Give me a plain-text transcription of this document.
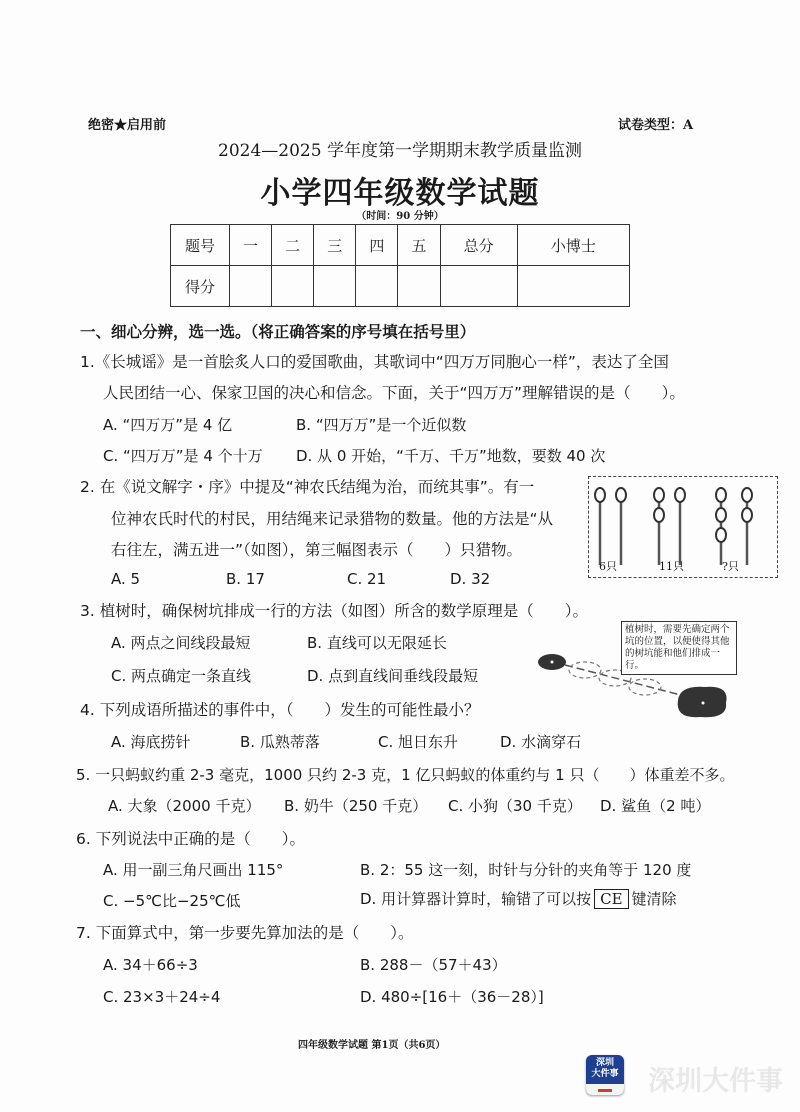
绝密★启用前	试卷类型：A
2024—2025 学年度第一学期期末教学质量监测
小学四年级数学试题
（时间：90 分钟）
题号	一	二	三	四	五	总分	小博士
得分							
一、细心分辨，选一选。（将正确答案的序号填在括号里）
1.《长城谣》是一首脍炙人口的爱国歌曲，其歌词中“四万万同胞心一样”，表达了全国
人民团结一心、保家卫国的决心和信念。下面，关于“四万万”理解错误的是（　　）。
A. “四万万”是 4 亿	B. “四万万”是一个近似数
C. “四万万”是 4 个十万 D. 从 0 开始，“千万、千万”地数，要数 40 次
2. 在《说文解字・序》中提及“神农氏结绳为治，而统其事”。有一
位神农氏时代的村民，用结绳来记录猎物的数量。他的方法是“从
右往左，满五进一”（如图），第三幅图表示（　　）只猎物。
A. 5	B. 17	C. 21	D. 32
6只	11只	?只
3. 植树时，确保树坑排成一行的方法（如图）所含的数学原理是（　　）。
A. 两点之间线段最短	B. 直线可以无限延长
C. 两点确定一条直线	D. 点到直线间垂线段最短
植树时，需要先确定两个坑的位置，以便使得其他的树坑能和他们排成一行。
4. 下列成语所描述的事件中，（　　）发生的可能性最小？
A. 海底捞针	B. 瓜熟蒂落	C. 旭日东升	D. 水滴穿石
5. 一只蚂蚁约重 2-3 毫克，1000 只约 2-3 克，1 亿只蚂蚁的体重约与 1 只（　　）体重差不多。
A. 大象（2000 千克） B. 奶牛（250 千克） C. 小狗（30 千克） D. 鲨鱼（2 吨）
6. 下列说法中正确的是（　　）。
A. 用一副三角尺画出 115°	B. 2：55 这一刻，时针与分针的夹角等于 120 度
C. −5℃比−25℃低	D. 用计算器计算时，输错了可以按 CE 键清除
7. 下面算式中，第一步要先算加法的是（　　）。
A. 34＋66÷3	B. 288－（57＋43）
C. 23×3＋24÷4	D. 480÷[16＋（36－28）]
四年级数学试题 第1页（共6页）
深圳
大件事 深圳大件事
